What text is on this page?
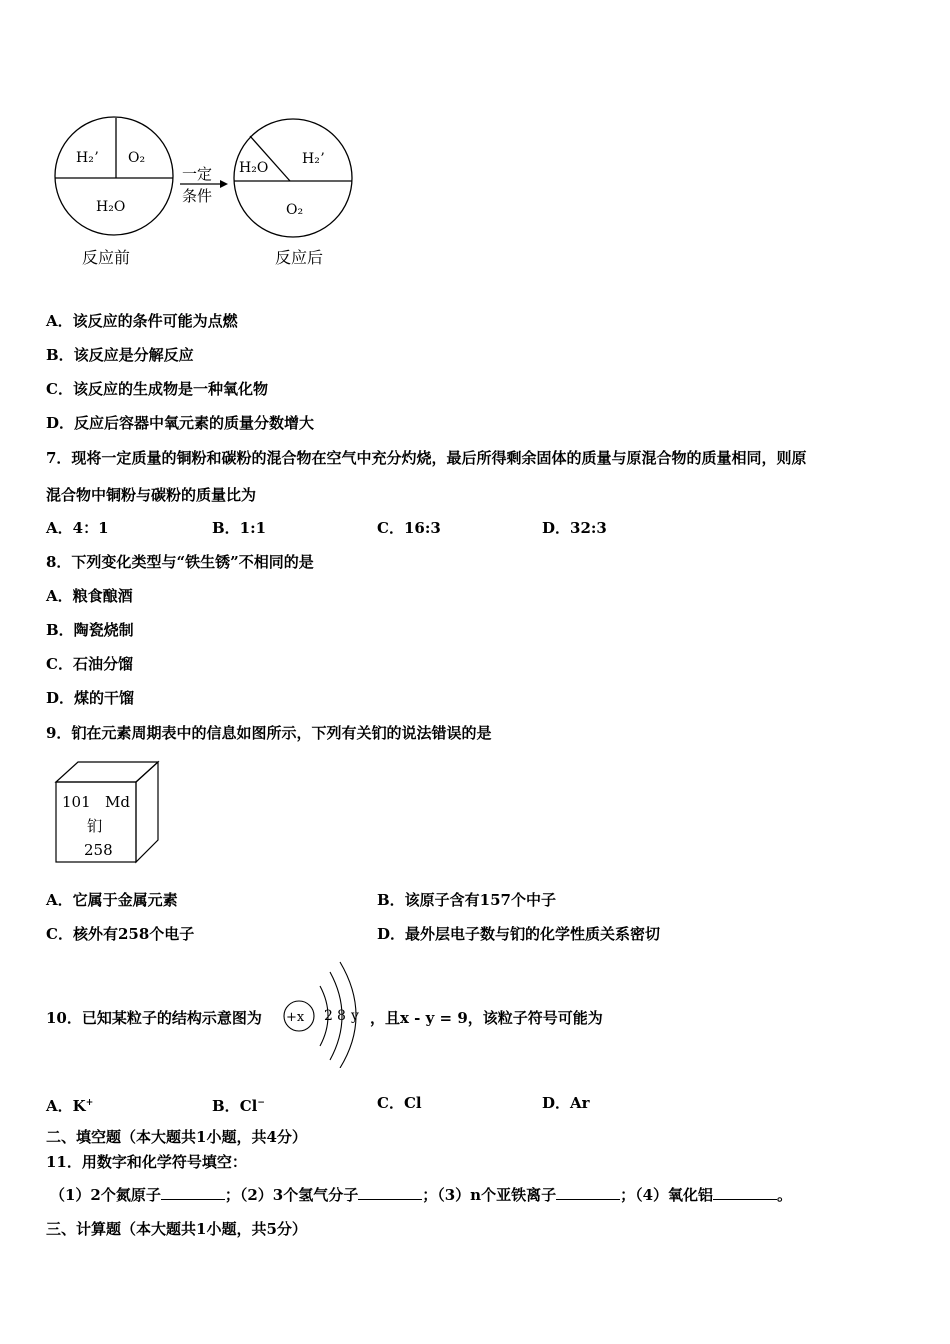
H₂ʼ O₂
H₂O
反应前
一定
条件
H₂O
H₂ʼ
O₂
反应后
A．该反应的条件可能为点燃
B．该反应是分解反应
C．该反应的生成物是一种氧化物
D．反应后容器中氧元素的质量分数增大
7．现将一定质量的铜粉和碳粉的混合物在空气中充分灼烧，最后所得剩余固体的质量与原混合物的质量相同，则原
混合物中铜粉与碳粉的质量比为
A．4：1	B．1:1	C．16:3	D．32:3
8．下列变化类型与“铁生锈”不相同的是
A．粮食酿酒
B．陶瓷烧制
C．石油分馏
D．煤的干馏
9．钔在元素周期表中的信息如图所示，下列有关钔的说法错误的是
101 Md
钔
258
A．它属于金属元素	B．该原子含有157个中子
C．核外有258个电子	D．最外层电子数与钔的化学性质关系密切
10．已知某粒子的结构示意图为 +x 2 8 y ，且x - y = 9，该粒子符号可能为
A．K+	B．Cl−	C．Cl	D．Ar
二、填空题（本大题共1小题，共4分）
11．用数字和化学符号填空：
（1）2个氮原子	；（2）3个氢气分子	；（3）n个亚铁离子	；（4）氧化铝	。
三、计算题（本大题共1小题，共5分）
